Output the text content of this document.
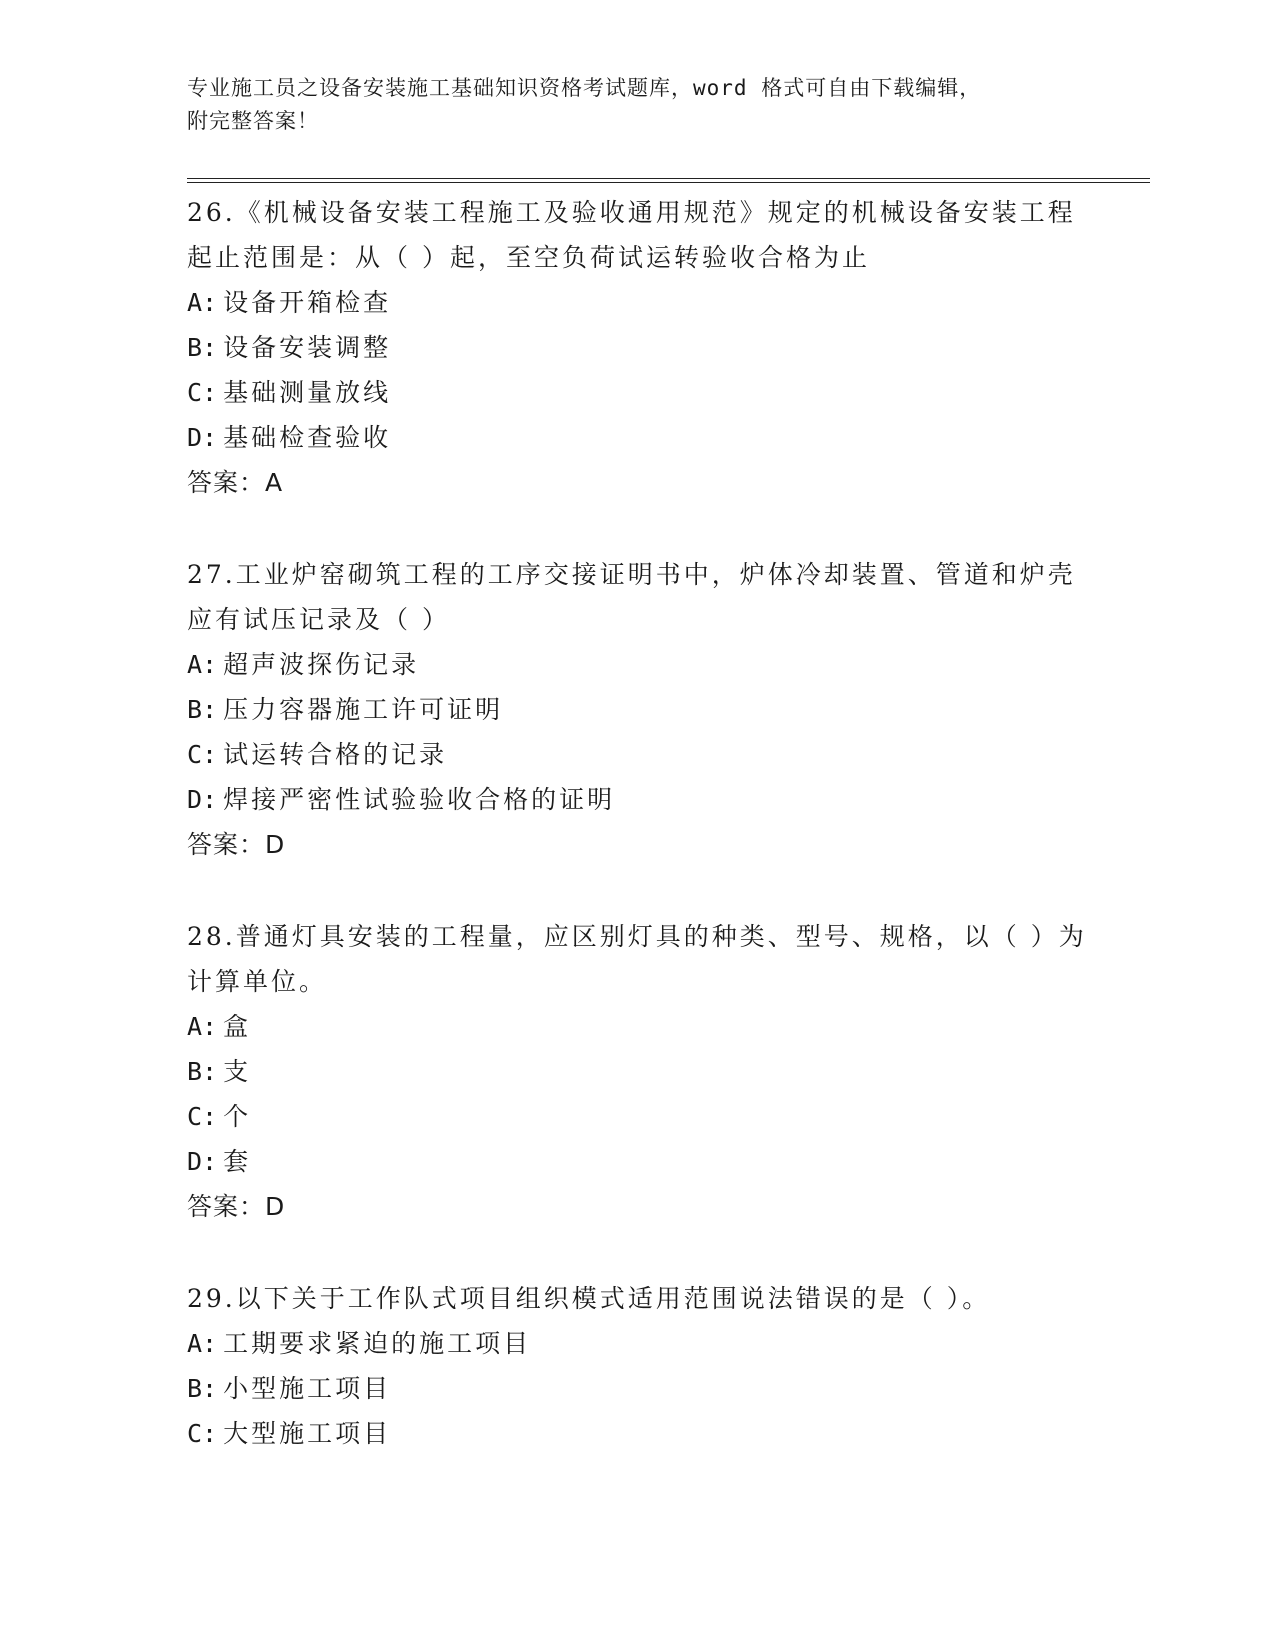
专业施工员之设备安装施工基础知识资格考试题库，word 格式可自由下载编辑，
附完整答案！
26.《机械设备安装工程施工及验收通用规范》规定的机械设备安装工程起止范围是：从（ ）起，至空负荷试运转验收合格为止
A: 设备开箱检查
B: 设备安装调整
C: 基础测量放线
D: 基础检查验收
答案：A
27.工业炉窑砌筑工程的工序交接证明书中，炉体冷却装置、管道和炉壳应有试压记录及（ ）
A: 超声波探伤记录
B: 压力容器施工许可证明
C: 试运转合格的记录
D: 焊接严密性试验验收合格的证明
答案：D
28.普通灯具安装的工程量，应区别灯具的种类、型号、规格，以（ ）为计算单位。
A: 盒
B: 支
C: 个
D: 套
答案：D
29.以下关于工作队式项目组织模式适用范围说法错误的是（ ）。
A: 工期要求紧迫的施工项目
B: 小型施工项目
C: 大型施工项目
